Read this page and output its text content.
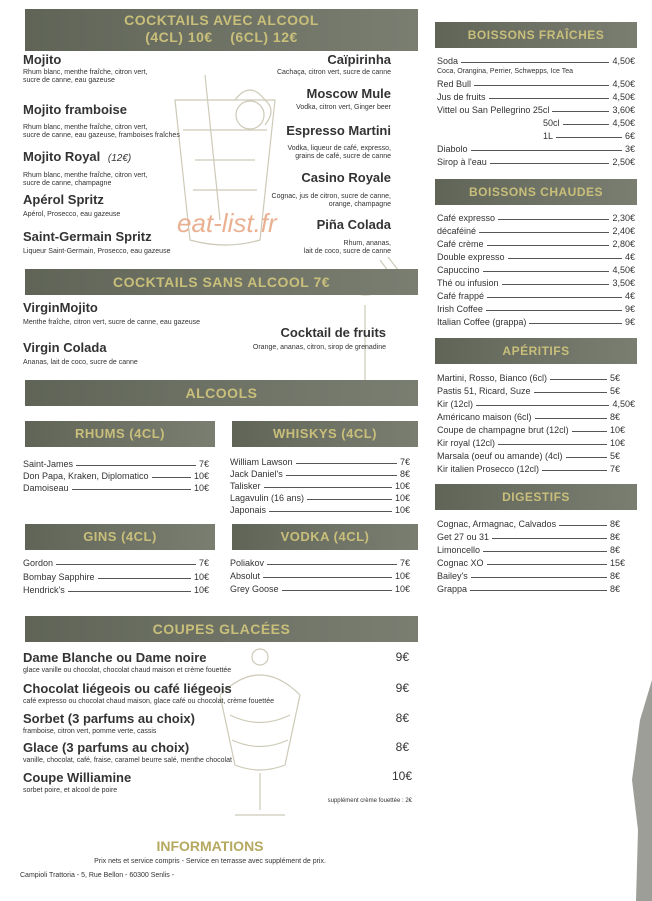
COCKTAILS AVEC ALCOOL
(4CL) 10€    (6CL) 12€
Mojito
Rhum blanc, menthe fraîche, citron vert,
sucre de canne, eau gazeuse
Mojito framboise
Rhum blanc, menthe fraîche, citron vert,
sucre de canne, eau gazeuse, framboises fraîches
Mojito Royal (12€)
Rhum blanc, menthe fraîche, citron vert,
sucre de canne, champagne
Apérol Spritz
Apérol, Prosecco, eau gazeuse
Saint-Germain Spritz
Liqueur Saint-Germain, Prosecco, eau gazeuse
Caïpirinha
Cachaça, citron vert, sucre de canne
Moscow Mule
Vodka, citron vert, Ginger beer
Espresso Martini
Vodka, liqueur de café, expresso,
grains de café, sucre de canne
Casino Royale
Cognac, jus de citron, sucre de canne,
orange, champagne
Piña Colada
Rhum, ananas,
lait de coco, sucre de canne
eat-list.fr
COCKTAILS SANS ALCOOL 7€
VirginMojito
Menthe fraîche, citron vert, sucre de canne, eau gazeuse
Cocktail de fruits
Orange, ananas, citron, sirop de grenadine
Virgin Colada
Ananas, lait de coco, sucre de canne
ALCOOLS
RHUMS (4CL)
Saint-James	7€
Don Papa, Kraken, Diplomatico	10€
Damoiseau	10€
WHISKYS (4CL)
William Lawson	7€
Jack Daniel's	8€
Talisker	10€
Lagavulin (16 ans)	10€
Japonais	10€
GINS (4CL)
Gordon	7€
Bombay Sapphire	10€
Hendrick's	10€
VODKA (4CL)
Poliakov	7€
Absolut	10€
Grey Goose	10€
COUPES GLACÉES
Dame Blanche ou Dame noire
glace vanille ou chocolat, chocolat chaud maison et crème fouettée
9€
Chocolat liégeois ou café liégeois
café expresso ou chocolat chaud maison, glace café ou chocolat, crème fouettée
9€
Sorbet (3 parfums au choix)
framboise, citron vert, pomme verte, cassis
8€
Glace (3 parfums au choix)
vanille, chocolat, café, fraise, caramel beurre salé, menthe chocolat
8€
Coupe Williamine
sorbet poire, et alcool de poire
10€
supplément crème fouettée : 2€
INFORMATIONS
Prix nets et service compris - Service en terrasse avec supplément de prix.
Campioli Trattoria - 5, Rue Bellon - 60300 Senlis -
BOISSONS FRAÎCHES
Soda	4,50€
Coca, Orangina, Perrier, Schwepps, Ice Tea
Red Bull	4,50€
Jus de fruits	4,50€
Vittel ou San Pellegrino 25cl	3,60€
50cl	4,50€
1L	6€
Diabolo	3€
Sirop à l'eau	2,50€
BOISSONS CHAUDES
Café expresso	2,30€
décaféiné	2,40€
Café crème	2,80€
Double expresso	4€
Capuccino	4,50€
Thé ou infusion	3,50€
Café frappé	4€
Irish Coffee	9€
Italian Coffee (grappa)	9€
APÉRITIFS
Martini, Rosso, Bianco (6cl)	5€
Pastis 51, Ricard, Suze	5€
Kir (12cl)	4,50€
Américano maison (6cl)	8€
Coupe de champagne brut (12cl)	10€
Kir royal (12cl)	10€
Marsala (oeuf ou amande) (4cl)	5€
Kir italien Prosecco (12cl)	7€
DIGESTIFS
Cognac, Armagnac, Calvados	8€
Get 27 ou 31	8€
Limoncello	8€
Cognac XO	15€
Bailey's	8€
Grappa	8€
